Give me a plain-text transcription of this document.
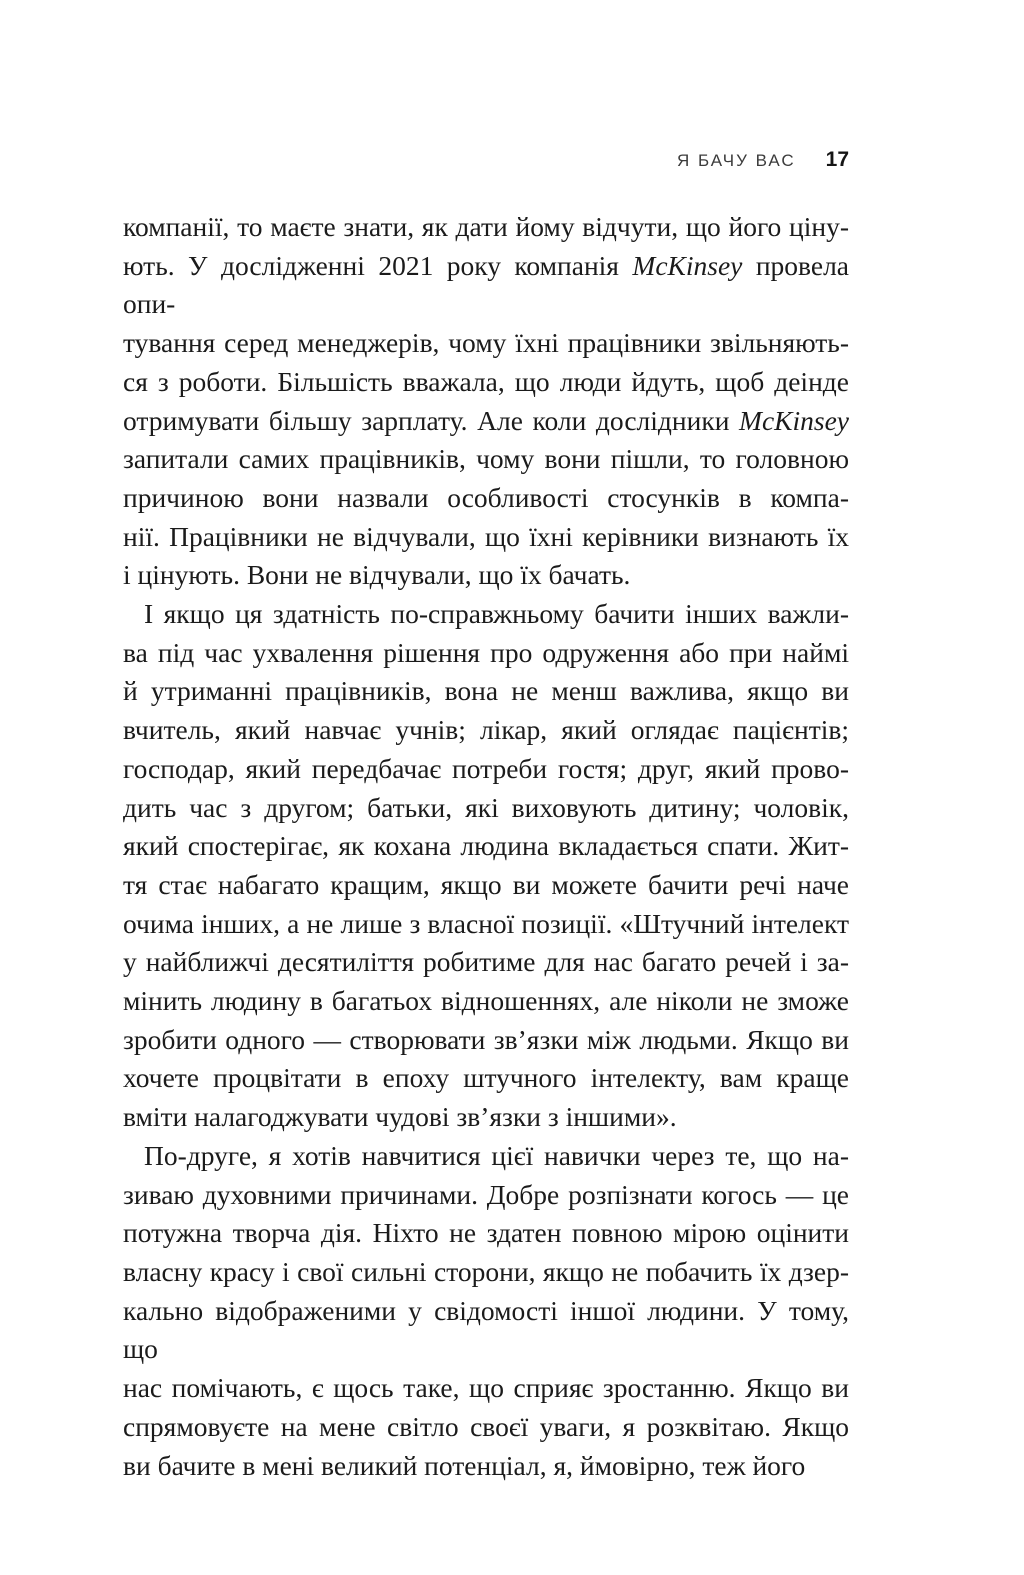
Я БАЧУ ВАС 17
компанії, то маєте знати, як дати йому відчути, що його ціну-
ють. У дослідженні 2021 року компанія McKinsey провела опи-
тування серед менеджерів, чому їхні працівники звільняють-
ся з роботи. Більшість вважала, що люди йдуть, щоб деінде
отримувати більшу зарплату. Але коли дослідники McKinsey
запитали самих працівників, чому вони пішли, то головною
причиною вони назвали особливості стосунків в компа-
нії. Працівники не відчували, що їхні керівники визнають їх
і цінують. Вони не відчували, що їх бачать.
І якщо ця здатність по-справжньому бачити інших важли-
ва під час ухвалення рішення про одруження або при наймі
й утриманні працівників, вона не менш важлива, якщо ви
вчитель, який навчає учнів; лікар, який оглядає пацієнтів;
господар, який передбачає потреби гостя; друг, який прово-
дить час з другом; батьки, які виховують дитину; чоловік,
який спостерігає, як кохана людина вкладається спати. Жит-
тя стає набагато кращим, якщо ви можете бачити речі наче
очима інших, а не лише з власної позиції. «Штучний інтелект
у найближчі десятиліття робитиме для нас багато речей і за-
мінить людину в багатьох відношеннях, але ніколи не зможе
зробити одного — створювати зв’язки між людьми. Якщо ви
хочете процвітати в епоху штучного інтелекту, вам краще
вміти налагоджувати чудові зв’язки з іншими».
По-друге, я хотів навчитися цієї навички через те, що на-
зиваю духовними причинами. Добре розпізнати когось — це
потужна творча дія. Ніхто не здатен повною мірою оцінити
власну красу і свої сильні сторони, якщо не побачить їх дзер-
кально відображеними у свідомості іншої людини. У тому, що
нас помічають, є щось таке, що сприяє зростанню. Якщо ви
спрямовуєте на мене світло своєї уваги, я розквітаю. Якщо
ви бачите в мені великий потенціал, я, ймовірно, теж його
